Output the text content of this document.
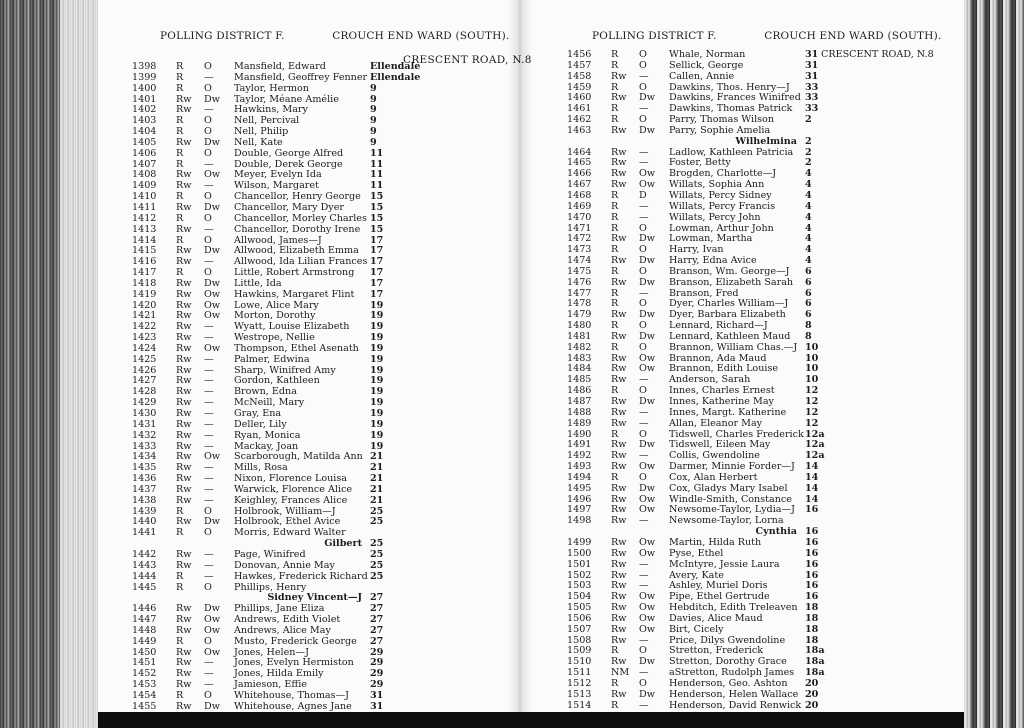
POLLING DISTRICT F.	CROUCH END WARD (SOUTH).
CRESCENT ROAD, N.8
POLLING DISTRICT F.	CROUCH END WARD (SOUTH).
1398	R	O	Mansfield, Edward	Ellendale
1399	R	—	Mansfield, Geoffrey Fenner Ellendale
1400	R	O	Taylor, Hermon	9
1401	Rw	Dw	Taylor, Méane Amélie	9
1402	Rw	—	Hawkins, Mary	9
1403	R	O	Nell, Percival	9
1404	R	O	Nell, Philip	9
1405	Rw	Dw	Nell, Kate	9
1406	R	O	Double, George Alfred	11
1407	R	—	Double, Derek George	11
1408	Rw	Ow	Meyer, Evelyn Ida	11
1409	Rw	—	Wilson, Margaret	11
1410	R	O	Chancellor, Henry George 15
1411	Rw	Dw	Chancellor, Mary Dyer	15
1412	R	O	Chancellor, Morley Charles 15
1413	Rw	—	Chancellor, Dorothy Irene 15
1414	R	O	Allwood, James—J	17
1415	Rw	Dw	Allwood, Elizabeth Emma 17
1416	Rw	—	Allwood, Ida Lilian Frances 17
1417	R	O	Little, Robert Armstrong 17
1418	Rw	Dw	Little, Ida	17
1419	Rw	Ow	Hawkins, Margaret Flint 17
1420	Rw	Ow	Lowe, Alice Mary	19
1421	Rw	Ow	Morton, Dorothy	19
1422	Rw	—	Wyatt, Louise Elizabeth 19
1423	Rw	—	Westrope, Nellie	19
1424	Rw	Ow	Thompson, Ethel Asenath 19
1425	Rw	—	Palmer, Edwina	19
1426	Rw	—	Sharp, Winifred Amy	19
1427	Rw	—	Gordon, Kathleen	19
1428	Rw	—	Brown, Edna	19
1429	Rw	—	McNeill, Mary	19
1430	Rw	—	Gray, Ena	19
1431	Rw	—	Deller, Lily	19
1432	Rw	—	Ryan, Monica	19
1433	Rw	—	Mackay, Joan	19
1434	Rw	Ow	Scarborough, Matilda Ann 21
1435	Rw	—	Mills, Rosa	21
1436	Rw	—	Nixon, Florence Louisa 21
1437	Rw	—	Warwick, Florence Alice 21
1438	Rw	—	Keighley, Frances Alice 21
1439	R	O	Holbrook, William—J	25
1440	Rw	Dw	Holbrook, Ethel Avice	25
1441	R	O	Morris, Edward Walter
Gilbert 25
1442	Rw	—	Page, Winifred	25
1443	Rw	—	Donovan, Annie May	25
1444	R	—	Hawkes, Frederick Richard 25
1445	R	O	Phillips, Henry
Sidney Vincent—J 27
1446	Rw	Dw	Phillips, Jane Eliza	27
1447	Rw	Ow	Andrews, Edith Violet	27
1448	Rw	Ow	Andrews, Alice May	27
1449	R	O	Musto, Frederick George 27
1450	Rw	Ow	Jones, Helen—J	29
1451	Rw	—	Jones, Evelyn Hermiston 29
1452	Rw	—	Jones, Hilda Emily	29
1453	Rw	—	Jamieson, Effie	29
1454	R	O	Whitehouse, Thomas—J 31
1455	Rw	Dw	Whitehouse, Agnes Jane 31
1456	R	O	Whale, Norman	31 CRESCENT ROAD, N.8
1457	R	O	Sellick, George	31
1458	Rw	—	Callen, Annie	31
1459	R	O	Dawkins, Thos. Henry—J 33
1460	Rw	Dw	Dawkins, Frances Winifred 33
1461	R	—	Dawkins, Thomas Patrick 33
1462	R	O	Parry, Thomas Wilson	2
1463	Rw	Dw	Parry, Sophie Amelia
Wilhelmina 2
1464	Rw	—	Ladlow, Kathleen Patricia 2
1465	Rw	—	Foster, Betty	2
1466	Rw	Ow	Brogden, Charlotte—J	4
1467	Rw	Ow	Willats, Sophia Ann	4
1468	R	D	Willats, Percy Sidney	4
1469	R	—	Willats, Percy Francis	4
1470	R	—	Willats, Percy John	4
1471	R	O	Lowman, Arthur John	4
1472	Rw	Dw	Lowman, Martha	4
1473	R	O	Harry, Ivan	4
1474	Rw	Dw	Harry, Edna Avice	4
1475	R	O	Branson, Wm. George—J 6
1476	Rw	Dw	Branson, Elizabeth Sarah 6
1477	R	—	Branson, Fred	6
1478	R	O	Dyer, Charles William—J 6
1479	Rw	Dw	Dyer, Barbara Elizabeth 6
1480	R	O	Lennard, Richard—J	8
1481	Rw	Dw	Lennard, Kathleen Maud 8
1482	R	O	Brannon, William Chas.—J 10
1483	Rw	Ow	Brannon, Ada Maud	10
1484	Rw	Ow	Brannon, Edith Louise	10
1485	Rw	—	Anderson, Sarah	10
1486	R	O	Innes, Charles Ernest	12
1487	Rw	Dw	Innes, Katherine May	12
1488	Rw	—	Innes, Margt. Katherine 12
1489	Rw	—	Allan, Eleanor May	12
1490	R	O	Tidswell, Charles Frederick 12a
1491	Rw	Dw	Tidswell, Eileen May	12a
1492	Rw	—	Collis, Gwendoline	12a
1493	Rw	Ow	Darmer, Minnie Forder—J 14
1494	R	O	Cox, Alan Herbert	14
1495	Rw	Dw	Cox, Gladys Mary Isabel 14
1496	Rw	Ow	Windle-Smith, Constance 14
1497	Rw	Ow	Newsome-Taylor, Lydia—J 16
1498	Rw	—	Newsome-Taylor, Lorna
Cynthia 16
1499	Rw	Ow	Martin, Hilda Ruth	16
1500	Rw	Ow	Pyse, Ethel	16
1501	Rw	—	McIntyre, Jessie Laura	16
1502	Rw	—	Avery, Kate	16
1503	Rw	—	Ashley, Muriel Doris	16
1504	Rw	Ow	Pipe, Ethel Gertrude	16
1505	Rw	Ow	Hebditch, Edith Treleaven 18
1506	Rw	Ow	Davies, Alice Maud	18
1507	Rw	Ow	Birt, Cicely	18
1508	Rw	—	Price, Dilys Gwendoline 18
1509	R	O	Stretton, Frederick	18a
1510	Rw	Dw	Stretton, Dorothy Grace 18a
1511	NM	—	aStretton, Rudolph James 18a
1512	R	O	Henderson, Geo. Ashton 20
1513	Rw	Dw	Henderson, Helen Wallace 20
1514	R	—	Henderson, David Renwick 20
